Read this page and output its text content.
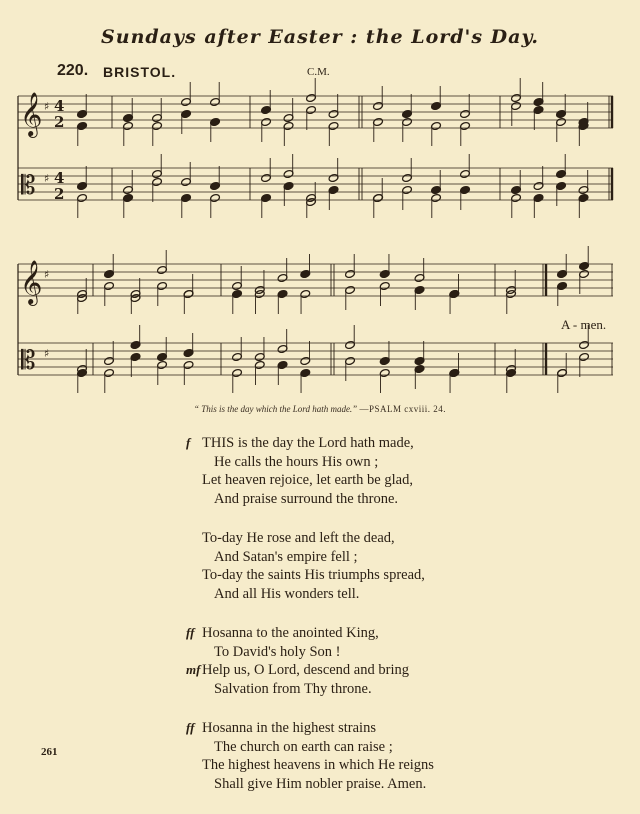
Sundays after Easter : the Lord's Day.
220. BRISTOL.	C.M.
𝄞
𝄡
♯
♯
4
2
4
2
𝄞
𝄡
♯
♯
A - men.
“ This is the day which the Lord hath made.” —PSALM cxviii. 24.
f THIS is the day the Lord hath made,
He calls the hours His own ;
Let heaven rejoice, let earth be glad,
And praise surround the throne.
To-day He rose and left the dead,
And Satan's empire fell ;
To-day the saints His triumphs spread,
And all His wonders tell.
ff Hosanna to the anointed King,
To David's holy Son !
mf Help us, O Lord, descend and bring
Salvation from Thy throne.
ff Hosanna in the highest strains
The church on earth can raise ;
The highest heavens in which He reigns
Shall give Him nobler praise. Amen.
261
